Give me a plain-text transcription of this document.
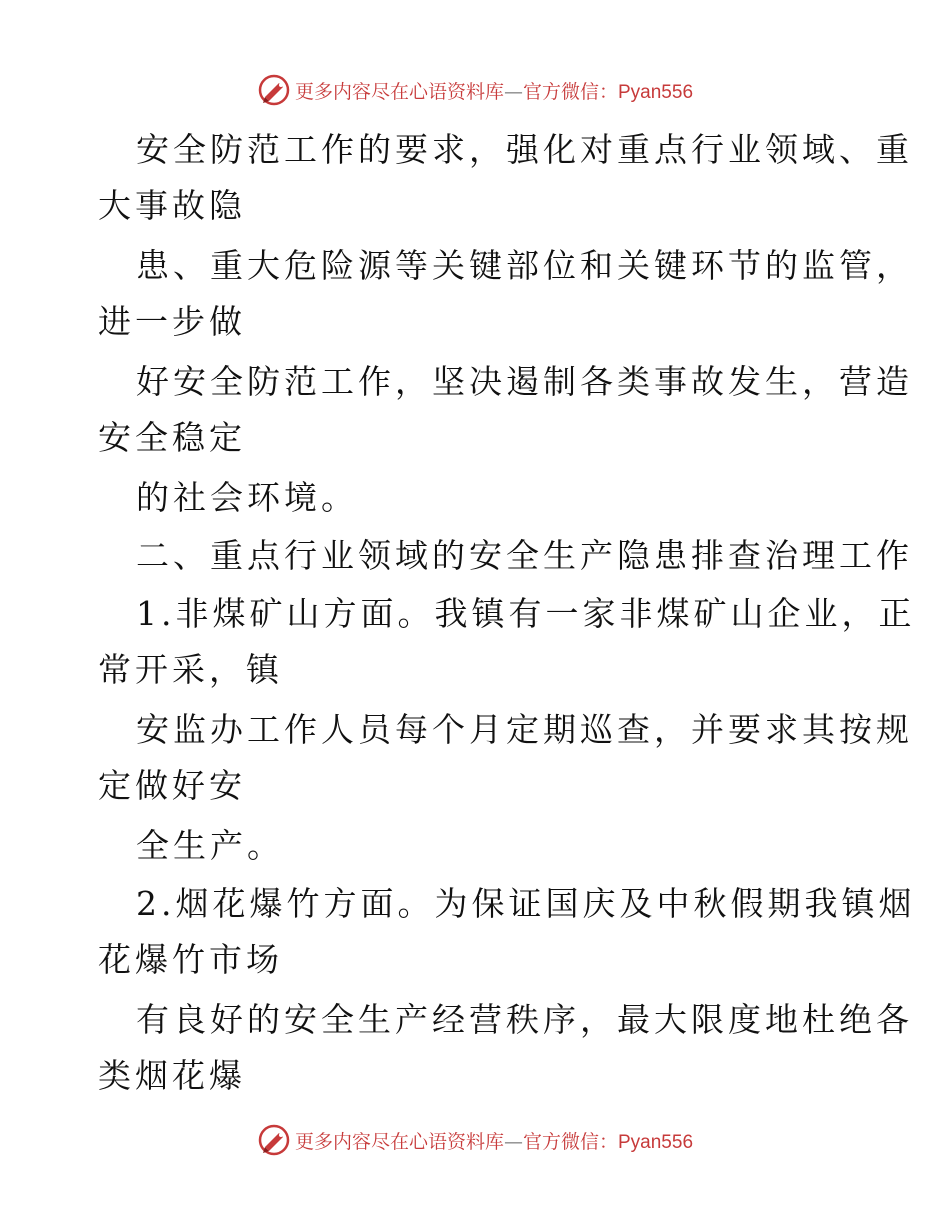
更多内容尽在心语资料库—官方微信：Pyan556
安全防范工作的要求，强化对重点行业领域、重
大事故隐
患、重大危险源等关键部位和关键环节的监管，
进一步做
好安全防范工作，坚决遏制各类事故发生，营造
安全稳定
的社会环境。
二、重点行业领域的安全生产隐患排查治理工作
1.非煤矿山方面。我镇有一家非煤矿山企业，正
常开采，镇
安监办工作人员每个月定期巡查，并要求其按规
定做好安
全生产。
2.烟花爆竹方面。为保证国庆及中秋假期我镇烟
花爆竹市场
有良好的安全生产经营秩序，最大限度地杜绝各
类烟花爆
更多内容尽在心语资料库—官方微信：Pyan556
